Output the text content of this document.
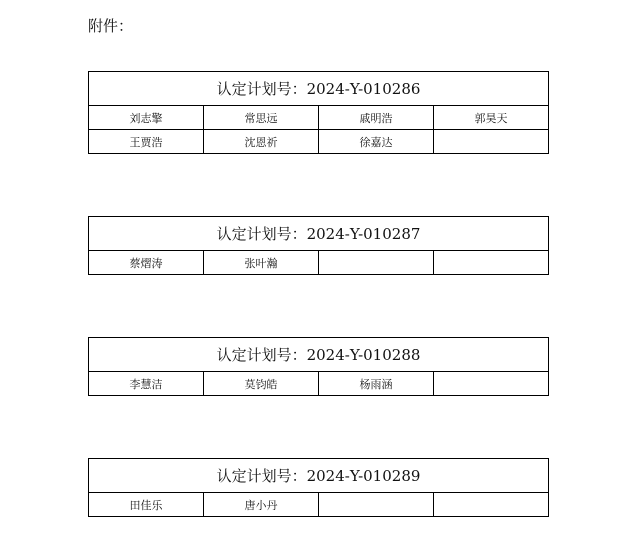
附件：
认定计划号：2024-Y-010286			
刘志擎	常思远	戚明浩	郭昊天
王贾浩	沈恩祈	徐嘉达	
认定计划号：2024-Y-010287
蔡熠涛	张叶瀚		
认定计划号：2024-Y-010288
李慧洁	莫钧皓	杨雨涵	
认定计划号：2024-Y-010289
田佳乐	唐小丹		
